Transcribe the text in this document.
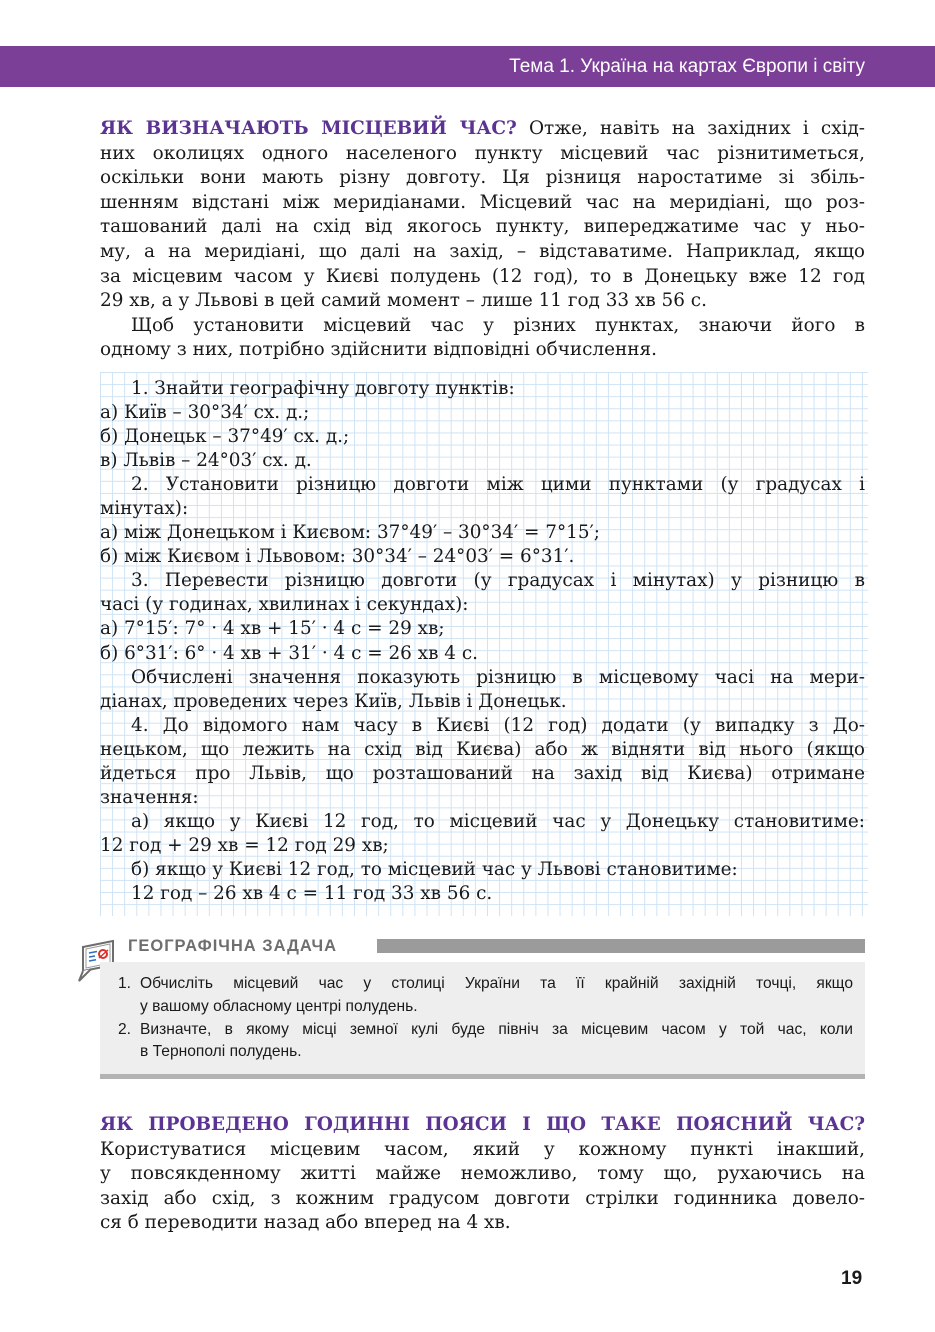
Тема 1. Україна на картах Європи і світу
ЯК ВИЗНАЧАЮТЬ МІСЦЕВИЙ ЧАС? Отже, навіть на західних і схід-
них околицях одного населеного пункту місцевий час різнитиметься,
оскільки вони мають різну довготу. Ця різниця наростатиме зі збіль-
шенням відстані між меридіанами. Місцевий час на меридіані, що роз-
ташований далі на схід від якогось пункту, випереджатиме час у ньо-
му, а на меридіані, що далі на захід, – відставатиме. Наприклад, якщо
за місцевим часом у Києві полудень (12 год), то в Донецьку вже 12 год
29 хв, а у Львові в цей самий момент – лише 11 год 33 хв 56 с.
Щоб установити місцевий час у різних пунктах, знаючи його в
одному з них, потрібно здійснити відповідні обчислення.
1. Знайти географічну довготу пунктів:
а) Київ – 30°34′ сх. д.;
б) Донецьк – 37°49′ сх. д.;
в) Львів – 24°03′ сх. д.
2. Установити різницю довготи між цими пунктами (у градусах і
мінутах):
а) між Донецьком і Києвом: 37°49′ – 30°34′ = 7°15′;
б) між Києвом і Львовом: 30°34′ – 24°03′ = 6°31′.
3. Перевести різницю довготи (у градусах і мінутах) у різницю в
часі (у годинах, хвилинах і секундах):
а) 7°15′: 7° · 4 хв + 15′ · 4 с = 29 хв;
б) 6°31′: 6° · 4 хв + 31′ · 4 с = 26 хв 4 с.
Обчислені значення показують різницю в місцевому часі на мери-
діанах, проведених через Київ, Львів і Донецьк.
4. До відомого нам часу в Києві (12 год) додати (у випадку з До-
нецьком, що лежить на схід від Києва) або ж відняти від нього (якщо
йдеться про Львів, що розташований на захід від Києва) отримане
значення:
а) якщо у Києві 12 год, то місцевий час у Донецьку становитиме:
12 год + 29 хв = 12 год 29 хв;
б) якщо у Києві 12 год, то місцевий час у Львові становитиме:
12 год – 26 хв 4 с = 11 год 33 хв 56 с.
ГЕОГРАФІЧНА ЗАДАЧА
1. Обчисліть місцевий час у столиці України та її крайній західній точці, якщо
у вашому обласному центрі полудень.
2. Визначте, в якому місці земної кулі буде північ за місцевим часом у той час, коли
в Тернополі полудень.
ЯК ПРОВЕДЕНО ГОДИННІ ПОЯСИ І ЩО ТАКЕ ПОЯСНИЙ ЧАС?
Користуватися місцевим часом, який у кожному пункті інакший,
у повсякденному житті майже неможливо, тому що, рухаючись на
захід або схід, з кожним градусом довготи стрілки годинника довело-
ся б переводити назад або вперед на 4 хв.
19
